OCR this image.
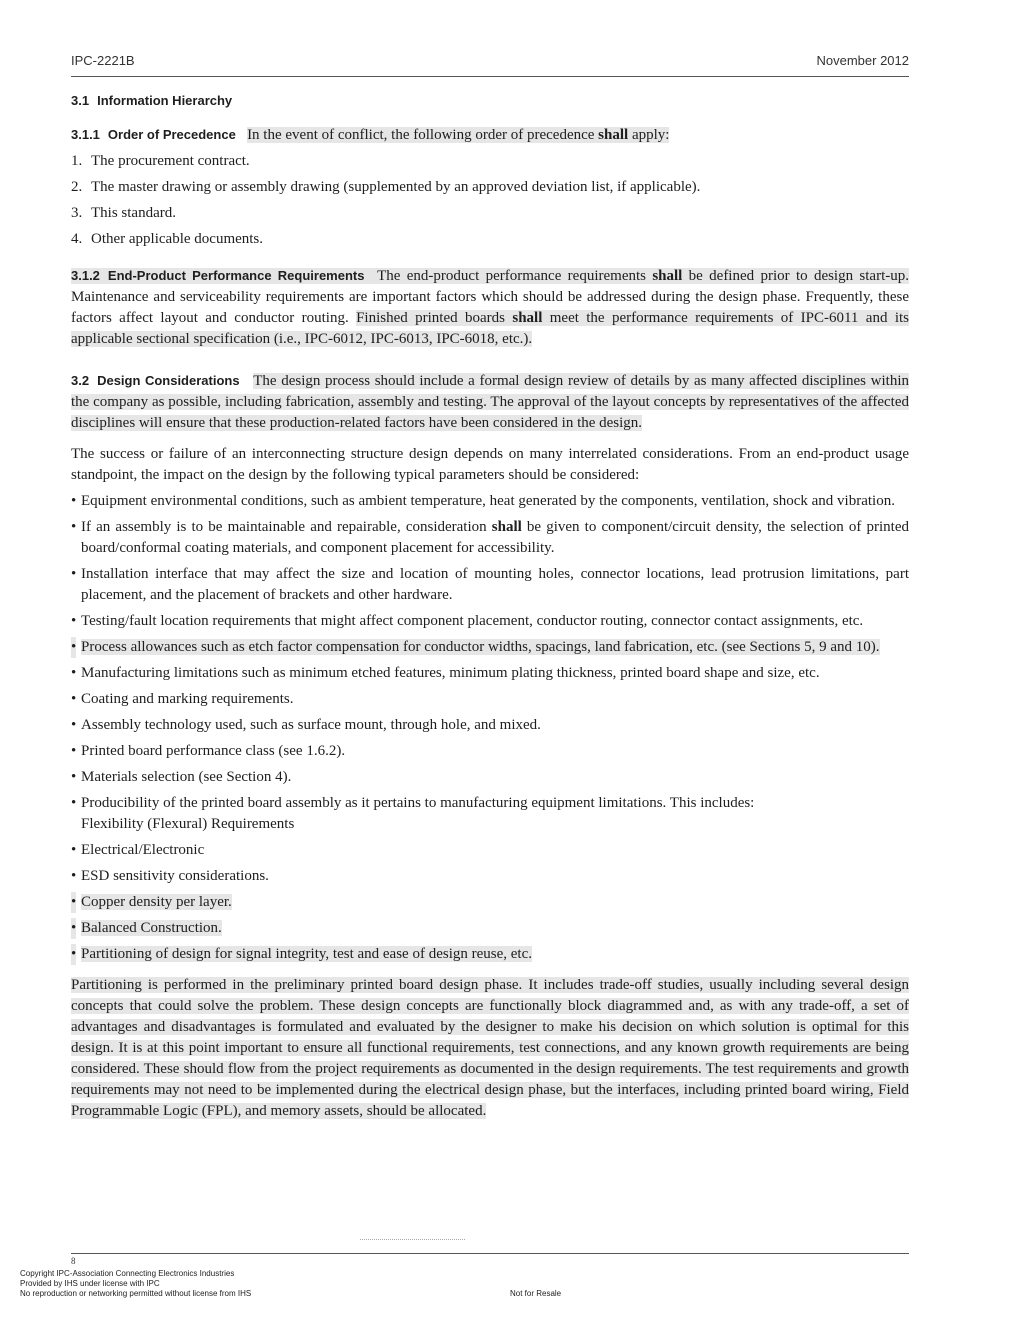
IPC-2221B	November 2012
3.1 Information Hierarchy

3.1.1 Order of Precedence In the event of conflict, the following order of precedence shall apply:

1. The procurement contract.
2. The master drawing or assembly drawing (supplemented by an approved deviation list, if applicable).
3. This standard.
4. Other applicable documents.

3.1.2 End-Product Performance Requirements The end-product performance requirements shall be defined prior to design start-up. Maintenance and serviceability requirements are important factors which should be addressed during the design phase. Frequently, these factors affect layout and conductor routing. Finished printed boards shall meet the performance requirements of IPC-6011 and its applicable sectional specification (i.e., IPC-6012, IPC-6013, IPC-6018, etc.).

3.2 Design Considerations The design process should include a formal design review of details by as many affected disciplines within the company as possible, including fabrication, assembly and testing. The approval of the layout concepts by representatives of the affected disciplines will ensure that these production-related factors have been considered in the design.

The success or failure of an interconnecting structure design depends on many interrelated considerations. From an end-product usage standpoint, the impact on the design by the following typical parameters should be considered:

• Equipment environmental conditions, such as ambient temperature, heat generated by the components, ventilation, shock and vibration.
• If an assembly is to be maintainable and repairable, consideration shall be given to component/circuit density, the selection of printed board/conformal coating materials, and component placement for accessibility.
• Installation interface that may affect the size and location of mounting holes, connector locations, lead protrusion limitations, part placement, and the placement of brackets and other hardware.
• Testing/fault location requirements that might affect component placement, conductor routing, connector contact assignments, etc.
• Process allowances such as etch factor compensation for conductor widths, spacings, land fabrication, etc. (see Sections 5, 9 and 10).
• Manufacturing limitations such as minimum etched features, minimum plating thickness, printed board shape and size, etc.
• Coating and marking requirements.
• Assembly technology used, such as surface mount, through hole, and mixed.
• Printed board performance class (see 1.6.2).
• Materials selection (see Section 4).
• Producibility of the printed board assembly as it pertains to manufacturing equipment limitations. This includes:
Flexibility (Flexural) Requirements
• Electrical/Electronic
• ESD sensitivity considerations.
• Copper density per layer.
• Balanced Construction.
• Partitioning of design for signal integrity, test and ease of design reuse, etc.

Partitioning is performed in the preliminary printed board design phase. It includes trade-off studies, usually including several design concepts that could solve the problem. These design concepts are functionally block diagrammed and, as with any trade-off, a set of advantages and disadvantages is formulated and evaluated by the designer to make his decision on which solution is optimal for this design. It is at this point important to ensure all functional requirements, test connections, and any known growth requirements are being considered. These should flow from the project requirements as documented in the design requirements. The test requirements and growth requirements may not need to be implemented during the electrical design phase, but the interfaces, including printed board wiring, Field Programmable Logic (FPL), and memory assets, should be allocated.

8
Copyright IPC-Association Connecting Electronics Industries
Provided by IHS under license with IPC
No reproduction or networking permitted without license from IHS	Not for Resale
